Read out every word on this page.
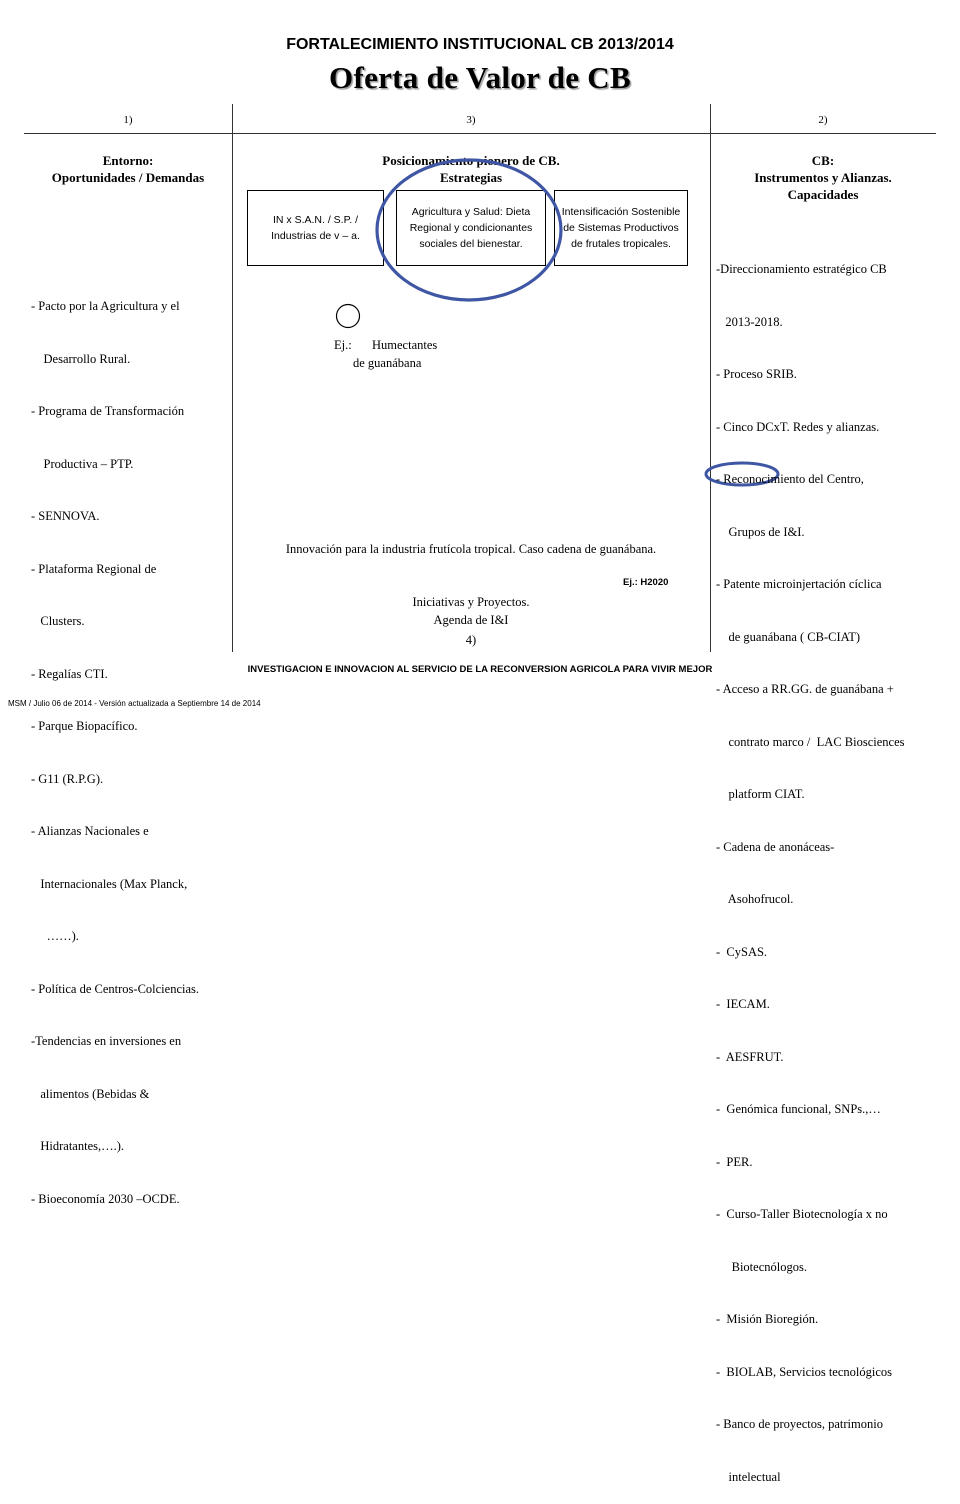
FORTALECIMIENTO INSTITUCIONAL CB 2013/2014
Oferta de Valor de CB
1)	3)	2)
Entorno:
Oportunidades / Demandas
Posicionamiento pionero de CB.
Estrategias
CB:
Instrumentos y Alianzas.
Capacidades
IN x S.A.N. / S.P. / Industrias de v – a.
Agricultura y Salud: Dieta Regional y condicionantes sociales del bienestar.
Intensificación Sostenible de Sistemas Productivos de frutales tropicales.

- Pacto por la Agricultura y el

Desarrollo Rural.

- Programa de Transformación

Productiva – PTP.

- SENNOVA.

- Plataforma Regional de

Clusters.

- Regalías CTI.

- Parque Biopacífico.

- G11 (R.P.G).

- Alianzas Nacionales e

Internacionales (Max Planck,

……).

- Política de Centros-Colciencias.

-Tendencias en inversiones en

alimentos (Bebidas &

Hidratantes,….).

- Bioeconomía 2030 –OCDE.

Ej.: Humectantes
de guanábana
Innovación para la industria frutícola tropical. Caso cadena de guanábana.
Ej.: H2020
Iniciativas y Proyectos.
Agenda de I&I
4)

-Direccionamiento estratégico CB

2013-2018.

- Proceso SRIB.

- Cinco DCxT. Redes y alianzas.

- Reconocimiento del Centro,

Grupos de I&I.

- Patente microinjertación cíclica

de guanábana ( CB-CIAT)

- Acceso a RR.GG. de guanábana +

contrato marco /  LAC Biosciences

platform CIAT.

- Cadena de anonáceas-

Asohofrucol.

-  CySAS.

-  IECAM.

-  AESFRUT.

-  Genómica funcional, SNPs.,…

-  PER.

-  Curso-Taller Biotecnología x no

Biotecnólogos.

-  Misión Bioregión.

-  BIOLAB, Servicios tecnológicos

- Banco de proyectos, patrimonio

intelectual

INVESTIGACION E INNOVACION AL SERVICIO DE LA RECONVERSION AGRICOLA PARA VIVIR MEJOR
MSM / Julio 06 de 2014 - Versión actualizada a Septiembre 14 de 2014
